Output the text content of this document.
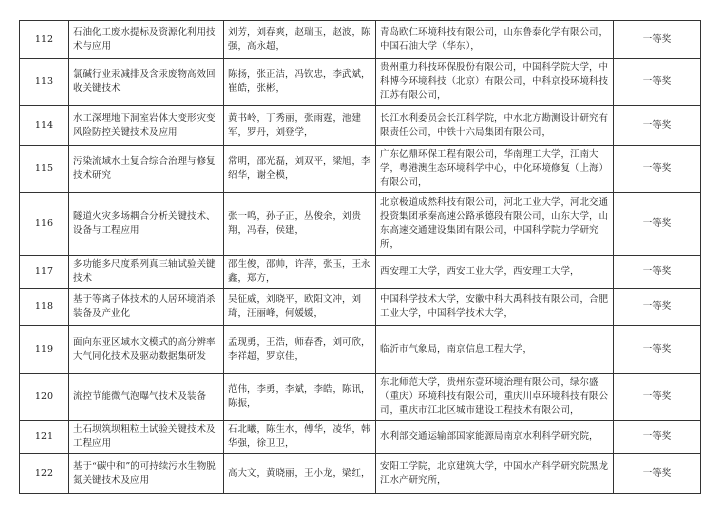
112	石油化工废水提标及资源化利用技术与应用	刘芳，刘春爽，赵瑞玉，赵波，陈强，高永超，	青岛欧仁环境科技有限公司，山东鲁泰化学有限公司，中国石油大学（华东），	一等奖
113	氯碱行业汞减排及含汞废物高效回收关键技术	陈扬，张正洁，冯钦忠，李武斌，崔皓，张彬，	贵州重力科技环保股份有限公司，中国科学院大学，中科博今环境科技（北京）有限公司，中科京投环境科技江苏有限公司，	一等奖
114	水工深埋地下洞室岩体大变形灾变风险防控关键技术及应用	黄书岭，丁秀丽，张雨霆，池建军，罗丹，刘登学，	长江水利委员会长江科学院，中水北方勘测设计研究有限责任公司，中铁十六局集团有限公司，	一等奖
115	污染流域水土复合综合治理与修复技术研究	常明，邵光磊，刘双平，梁旭，李绍华，谢全模，	广东亿鼎环保工程有限公司，华南理工大学，江南大学，粤港澳生态环境科学中心，中化环境修复（上海）有限公司，	一等奖
116	隧道火灾多场耦合分析关键技术、设备与工程应用	张一鸣，孙子正，丛俊余，刘贵翔，冯春，侯建，	北京极道成然科技有限公司，河北工业大学，河北交通投资集团承秦高速公路承德段有限公司，山东大学，山东高速交通建设集团有限公司，中国科学院力学研究所，	一等奖
117	多功能多尺度系列真三轴试验关键技术	邵生俊，邵帅，许萍，张玉，王永鑫，郑方，	西安理工大学，西安工业大学，西安理工大学，	一等奖
118	基于等离子体技术的人居环境消杀装备及产业化	吴征威，刘晓平，欧阳文冲，刘琦，汪丽峰，何媛媛，	中国科学技术大学，安徽中科大禹科技有限公司，合肥工业大学，中国科学技术大学，	一等奖
119	面向东亚区域水文模式的高分辨率大气同化技术及驱动数据集研发	孟现勇，王浩，师春香，刘可欣，李祥超，罗京佳，	临沂市气象局，南京信息工程大学，	一等奖
120	流控节能微气泡曝气技术及装备	范伟，李勇，李斌，李皓，陈讯，陈振，	东北师范大学，贵州东壹环境治理有限公司，绿尔盛（重庆）环境科技有限公司，重庆川卓环境科技有限公司，重庆市江北区城市建设工程技术有限公司，	一等奖
121	土石坝筑坝粗粒土试验关键技术及工程应用	石北曦，陈生水，傅华，凌华，韩华强，徐卫卫，	水利部交通运输部国家能源局南京水利科学研究院，	一等奖
122	基于“碳中和”的可持续污水生物脱氮关键技术及应用	高大文，黄晓丽，王小龙，梁红，	安阳工学院，北京建筑大学，中国水产科学研究院黑龙江水产研究所，	一等奖
